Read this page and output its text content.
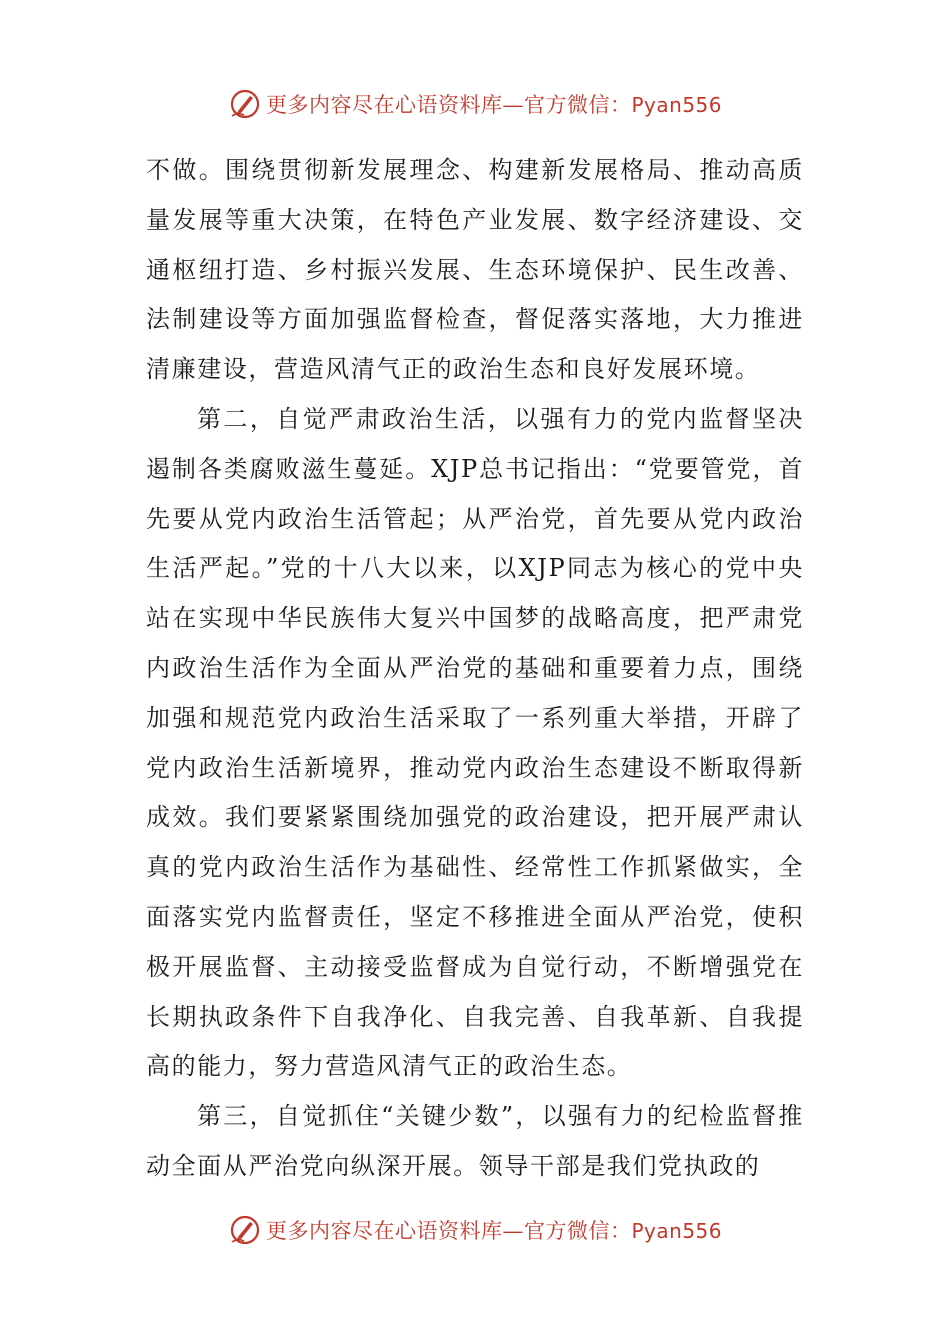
更多内容尽在心语资料库—官方微信：Pyan556

不做。围绕贯彻新发展理念、构建新发展格局、推动高质量发展等重大决策，在特色产业发展、数字经济建设、交通枢纽打造、乡村振兴发展、生态环境保护、民生改善、法制建设等方面加强监督检查，督促落实落地，大力推进清廉建设，营造风清气正的政治生态和良好发展环境。

第二，自觉严肃政治生活，以强有力的党内监督坚决遏制各类腐败滋生蔓延。XJP总书记指出：“党要管党，首先要从党内政治生活管起；从严治党，首先要从党内政治生活严起。”党的十八大以来，以XJP同志为核心的党中央站在实现中华民族伟大复兴中国梦的战略高度，把严肃党内政治生活作为全面从严治党的基础和重要着力点，围绕加强和规范党内政治生活采取了一系列重大举措，开辟了党内政治生活新境界，推动党内政治生态建设不断取得新成效。我们要紧紧围绕加强党的政治建设，把开展严肃认真的党内政治生活作为基础性、经常性工作抓紧做实，全面落实党内监督责任，坚定不移推进全面从严治党，使积极开展监督、主动接受监督成为自觉行动，不断增强党在长期执政条件下自我净化、自我完善、自我革新、自我提高的能力，努力营造风清气正的政治生态。

第三，自觉抓住“关键少数”，以强有力的纪检监督推动全面从严治党向纵深开展。领导干部是我们党执政的

更多内容尽在心语资料库—官方微信：Pyan556
